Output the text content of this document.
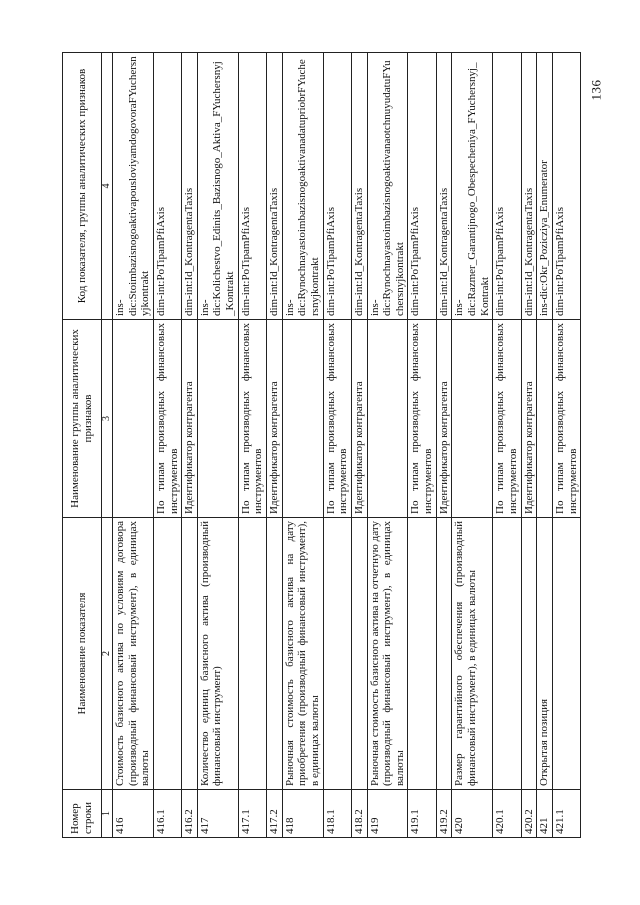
136
Номер строки	Наименование показателя	Наименование группы аналитических признаков	Код показателя, группы аналитических признаков
1	2	3	4
416	Стоимость базисного актива по условиям договора (производный финансовый инструмент), в единицах валюты		ins-dic:StoimbazisnogoaktivapousloviyamdogovoraFYuchersnyjkontrakt
416.1		По типам производных финансовых инструментов	dim-int:PoTipamPfiAxis
416.2		Идентификатор контрагента	dim-int:Id_KontragentaTaxis
417	Количество единиц базисного актива (производный финансовый инструмент)		ins-dic:Kolichestvo_Edinits_Bazisnogo_Aktiva_FYuchersnyj_Kontrakt
417.1		По типам производных финансовых инструментов	dim-int:PoTipamPfiAxis
417.2		Идентификатор контрагента	dim-int:Id_KontragentaTaxis
418	Рыночная стоимость базисного актива на дату приобретения (производный финансовый инструмент), в единицах валюты		ins-dic:RynochnayastoimbazisnogoaktivanadatupriobrFYuchersnyjkontrakt
418.1		По типам производных финансовых инструментов	dim-int:PoTipamPfiAxis
418.2		Идентификатор контрагента	dim-int:Id_KontragentaTaxis
419	Рыночная стоимость базисного актива на отчетную дату (производный финансовый инструмент), в единицах валюты		ins-dic:RynochnayastoimbazisnogoaktivanaotchnuyudatuFYuchersnyjkontrakt
419.1		По типам производных финансовых инструментов	dim-int:PoTipamPfiAxis
419.2		Идентификатор контрагента	dim-int:Id_KontragentaTaxis
420	Размер гарантийного обеспечения (производный финансовый инструмент), в единицах валюты		ins-dic:Razmer_Garantijnogo_Obespecheniya_FYuchersnyj_Kontrakt
420.1		По типам производных финансовых инструментов	dim-int:PoTipamPfiAxis
420.2		Идентификатор контрагента	dim-int:Id_KontragentaTaxis
421	Открытая позиция		ins-dic:Okr_Pozicziya_Enumerator
421.1		По типам производных финансовых инструментов	dim-int:PoTipamPfiAxis
